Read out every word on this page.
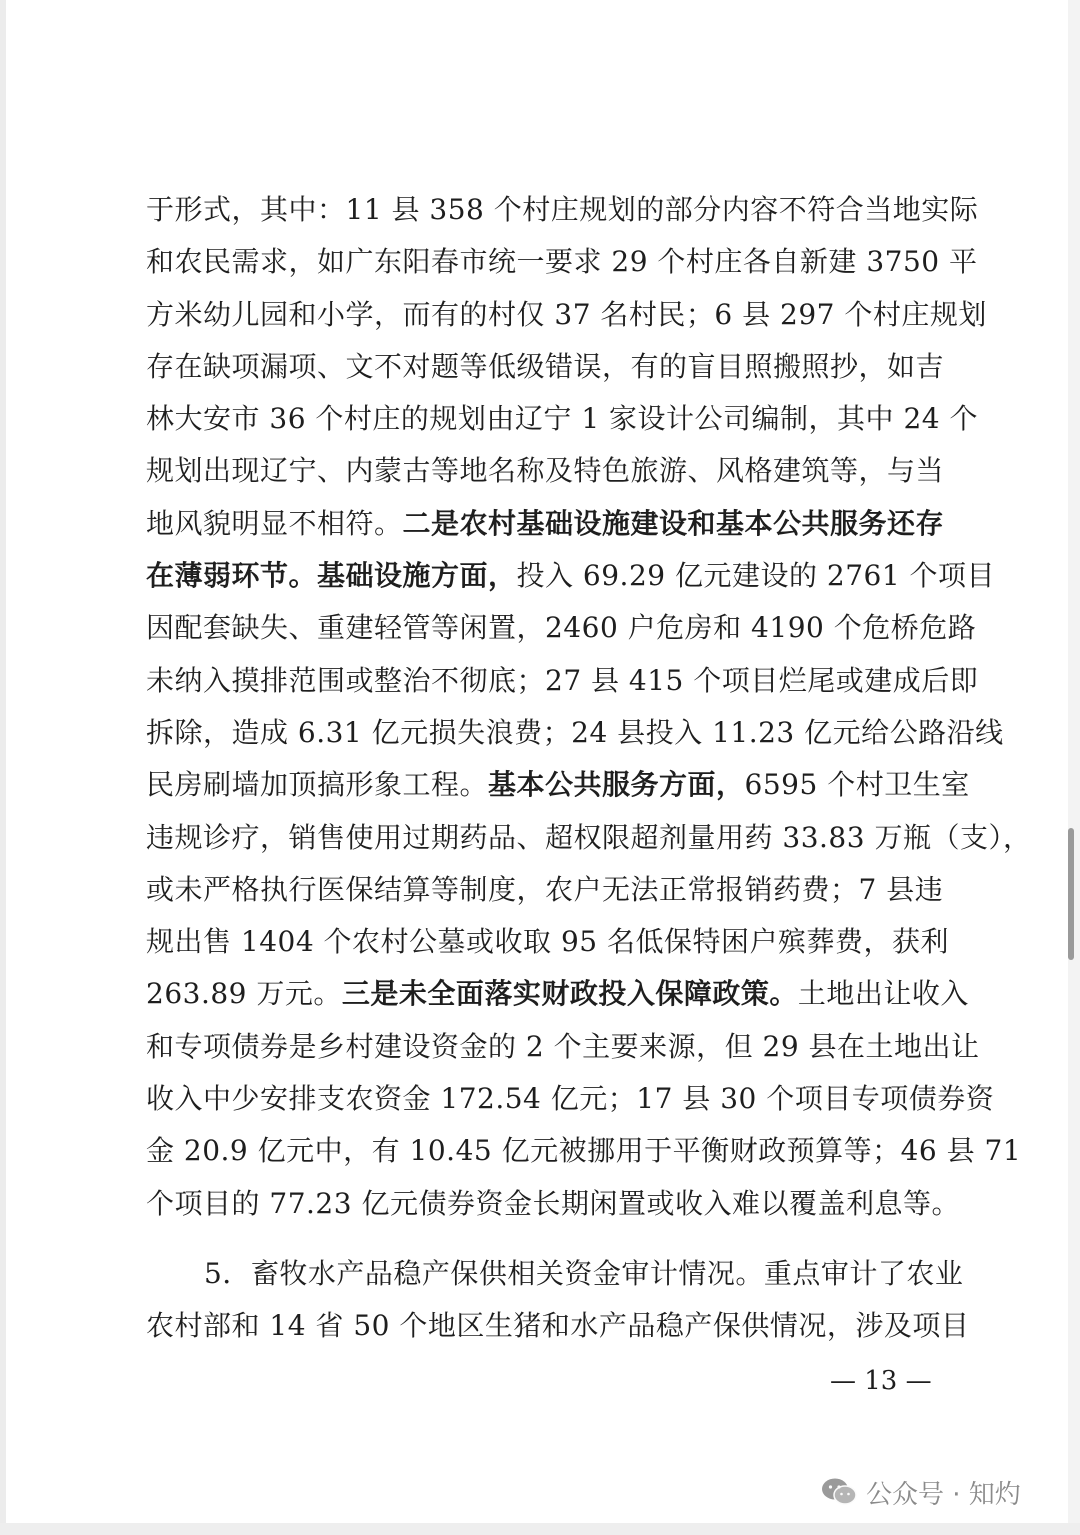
于形式，其中：11 县 358 个村庄规划的部分内容不符合当地实际
和农民需求，如广东阳春市统一要求 29 个村庄各自新建 3750 平
方米幼儿园和小学，而有的村仅 37 名村民；6 县 297 个村庄规划
存在缺项漏项、文不对题等低级错误，有的盲目照搬照抄，如吉
林大安市 36 个村庄的规划由辽宁 1 家设计公司编制，其中 24 个
规划出现辽宁、内蒙古等地名称及特色旅游、风格建筑等，与当
地风貌明显不相符。二是农村基础设施建设和基本公共服务还存
在薄弱环节。基础设施方面，投入 69.29 亿元建设的 2761 个项目
因配套缺失、重建轻管等闲置，2460 户危房和 4190 个危桥危路
未纳入摸排范围或整治不彻底；27 县 415 个项目烂尾或建成后即
拆除，造成 6.31 亿元损失浪费；24 县投入 11.23 亿元给公路沿线
民房刷墙加顶搞形象工程。基本公共服务方面，6595 个村卫生室
违规诊疗，销售使用过期药品、超权限超剂量用药 33.83 万瓶（支），
或未严格执行医保结算等制度，农户无法正常报销药费；7 县违
规出售 1404 个农村公墓或收取 95 名低保特困户殡葬费，获利
263.89 万元。三是未全面落实财政投入保障政策。土地出让收入
和专项债券是乡村建设资金的 2 个主要来源，但 29 县在土地出让
收入中少安排支农资金 172.54 亿元；17 县 30 个项目专项债券资
金 20.9 亿元中，有 10.45 亿元被挪用于平衡财政预算等；46 县 71
个项目的 77.23 亿元债券资金长期闲置或收入难以覆盖利息等。
5．畜牧水产品稳产保供相关资金审计情况。重点审计了农业
农村部和 14 省 50 个地区生猪和水产品稳产保供情况，涉及项目
— 13 —
公众号 · 知灼
